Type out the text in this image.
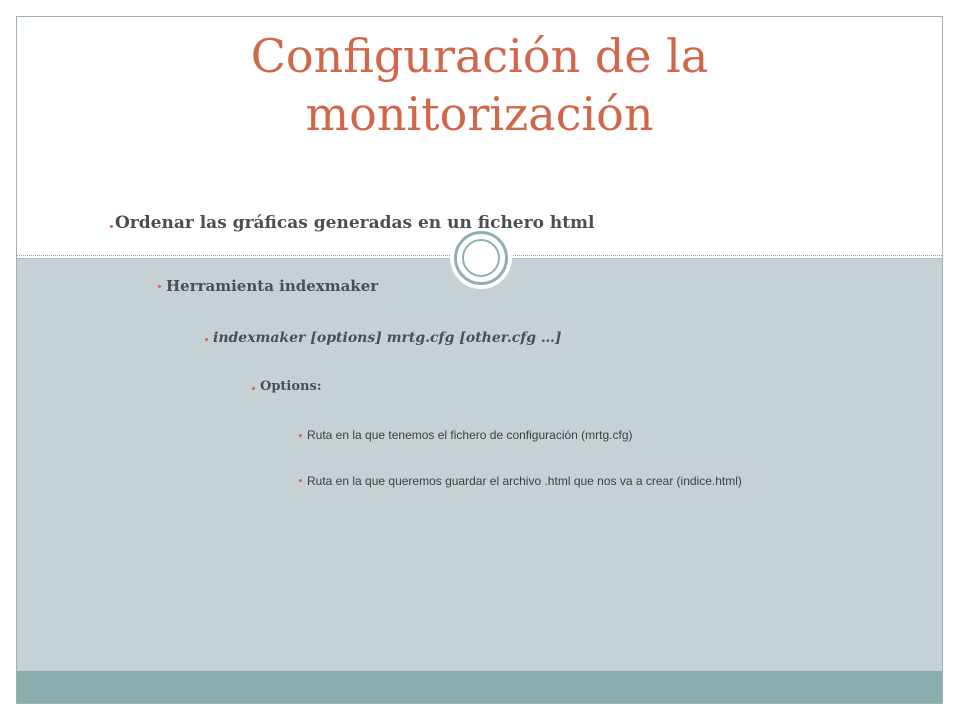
Configuración de la
monitorización
Ordenar las gráficas generadas en un fichero html
Herramienta indexmaker
indexmaker [options] mrtg.cfg [other.cfg …]
Options:
Ruta en la que tenemos el fichero de configuración (mrtg.cfg)
Ruta en la que queremos guardar el archivo .html que nos va a crear (indice.html)
